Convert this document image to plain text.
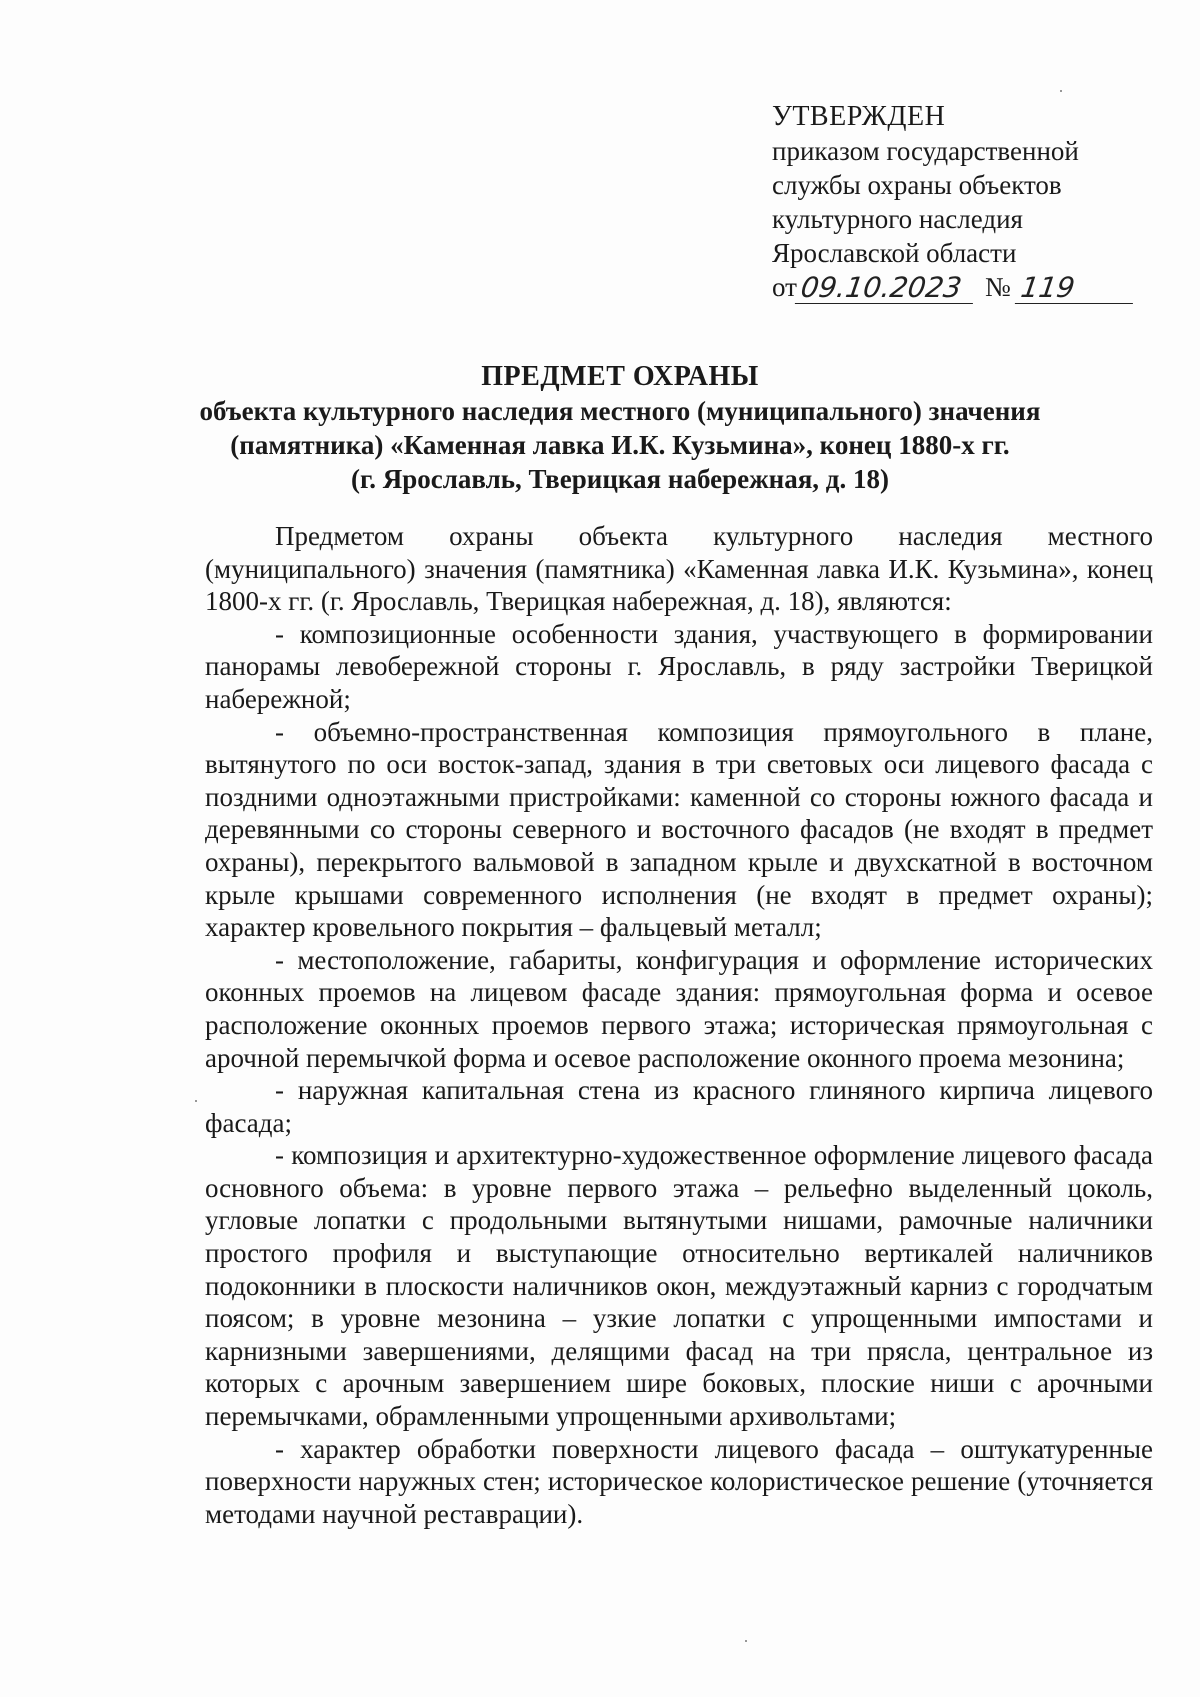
УТВЕРЖДЕН
приказом государственной
службы охраны объектов
культурного наследия
Ярославской области
от 09.10.2023 № 119
ПРЕДМЕТ ОХРАНЫ
объекта культурного наследия местного (муниципального) значения
(памятника) «Каменная лавка И.К. Кузьмина», конец 1880-х гг.
(г. Ярославль, Тверицкая набережная, д. 18)

Предметом охраны объекта культурного наследия местного (муниципального) значения (памятника) «Каменная лавка И.К. Кузьмина», конец 1800-х гг. (г. Ярославль, Тверицкая набережная, д. 18), являются:

- композиционные особенности здания, участвующего в формировании панорамы левобережной стороны г. Ярославль, в ряду застройки Тверицкой набережной;

- объемно-пространственная композиция прямоугольного в плане, вытянутого по оси восток-запад, здания в три световых оси лицевого фасада с поздними одноэтажными пристройками: каменной со стороны южного фасада и деревянными со стороны северного и восточного фасадов (не входят в предмет охраны), перекрытого вальмовой в западном крыле и двухскатной в восточном крыле крышами современного исполнения (не входят в предмет охраны); характер кровельного покрытия – фальцевый металл;

- местоположение, габариты, конфигурация и оформление исторических оконных проемов на лицевом фасаде здания: прямоугольная форма и осевое расположение оконных проемов первого этажа; историческая прямоугольная с арочной перемычкой форма и осевое расположение оконного проема мезонина;

- наружная капитальная стена из красного глиняного кирпича лицевого фасада;

- композиция и архитектурно-художественное оформление лицевого фасада основного объема: в уровне первого этажа – рельефно выделенный цоколь, угловые лопатки с продольными вытянутыми нишами, рамочные наличники простого профиля и выступающие относительно вертикалей наличников подоконники в плоскости наличников окон, междуэтажный карниз с городчатым поясом; в уровне мезонина – узкие лопатки с упрощенными импостами и карнизными завершениями, делящими фасад на три прясла, центральное из которых с арочным завершением шире боковых, плоские ниши с арочными перемычками, обрамленными упрощенными архивольтами;

- характер обработки поверхности лицевого фасада – оштукатуренные поверхности наружных стен; историческое колористическое решение (уточняется методами научной реставрации).
